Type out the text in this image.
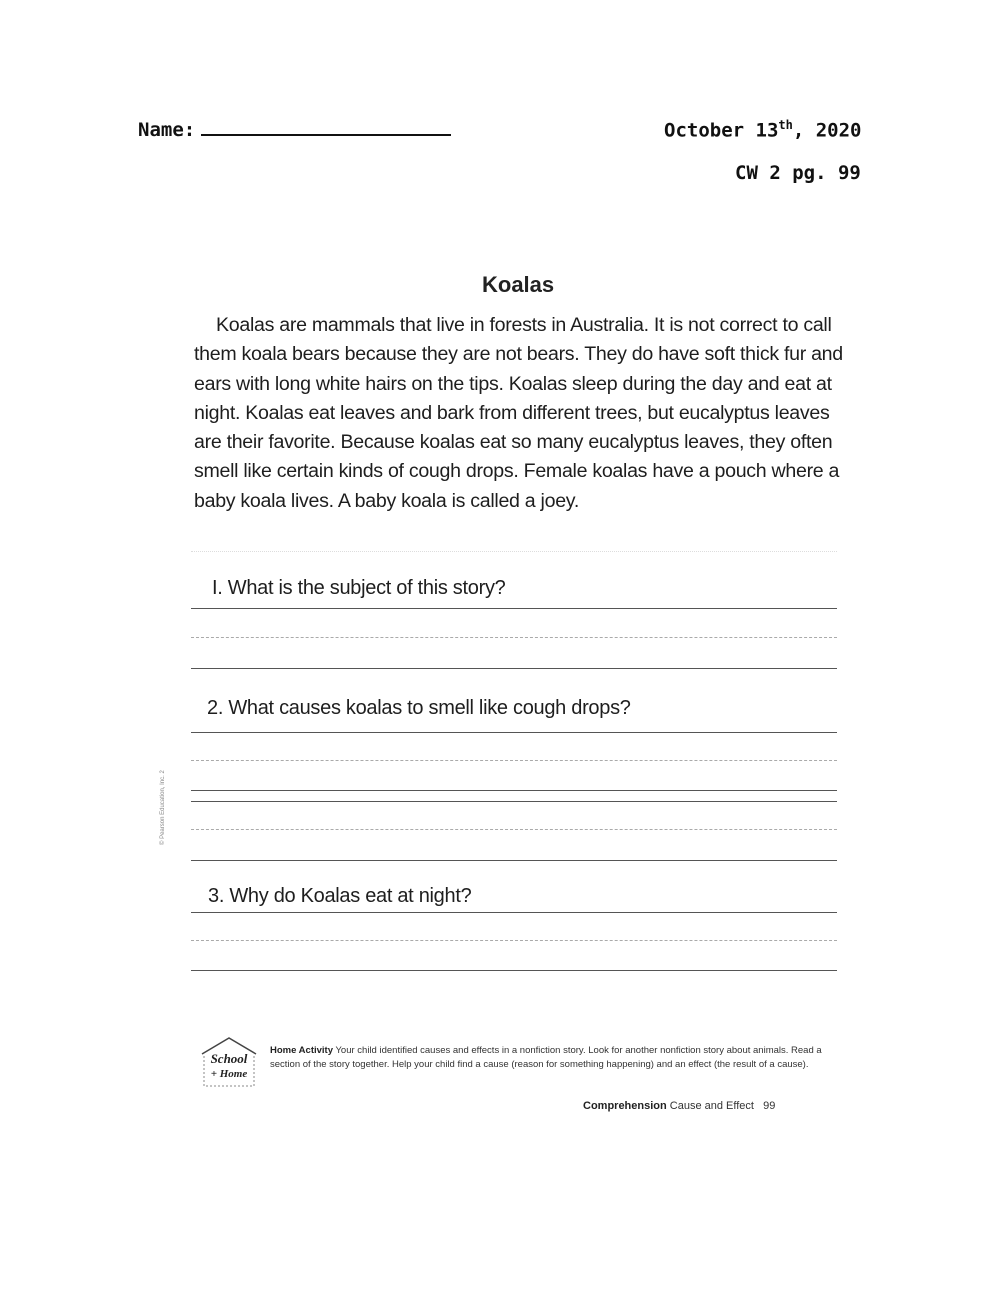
Name:	October 13th, 2020
CW 2 pg. 99
Koalas

Koalas are mammals that live in forests in Australia. It is not correct to call them koala bears because they are not bears. They do have soft thick fur and ears with long white hairs on the tips. Koalas sleep during the day and eat at night. Koalas eat leaves and bark from different trees, but eucalyptus leaves are their favorite. Because koalas eat so many eucalyptus leaves, they often smell like certain kinds of cough drops. Female koalas have a pouch where a baby koala lives. A baby koala is called a joey.

I. What is the subject of this story?
2. What causes koalas to smell like cough drops?
3. Why do Koalas eat at night?
© Pearson Education, Inc. 2
School
+ Home

Home Activity Your child identified causes and effects in a nonfiction story. Look for another nonfiction story about animals. Read a section of the story together. Help your child find a cause (reason for something happening) and an effect (the result of a cause).

Comprehension Cause and Effect 99
